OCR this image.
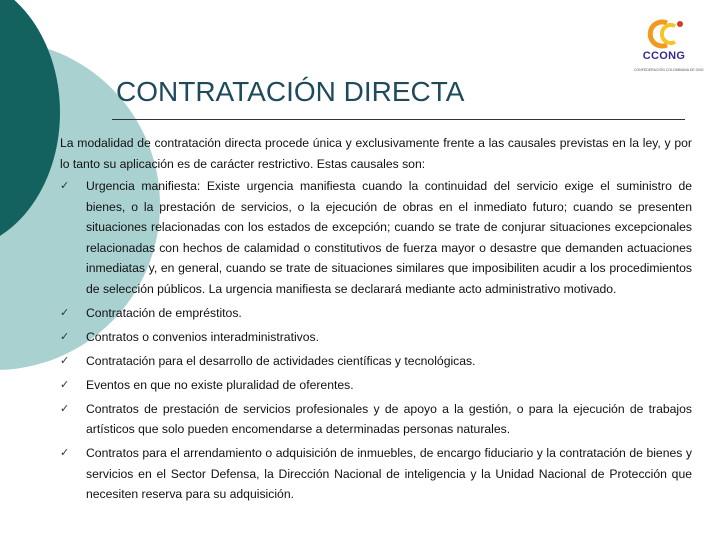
CCONG
CONFEDERACIÓN COLOMBIANA DE ONG
CONTRATACIÓN DIRECTA

La modalidad de contratación directa procede única y exclusivamente frente a las causales previstas en la ley, y por lo tanto su aplicación es de carácter restrictivo. Estas causales son:

✓ Urgencia manifiesta: Existe urgencia manifiesta cuando la continuidad del servicio exige el suministro de bienes, o la prestación de servicios, o la ejecución de obras en el inmediato futuro; cuando se presenten situaciones relacionadas con los estados de excepción; cuando se trate de conjurar situaciones excepcionales relacionadas con hechos de calamidad o constitutivos de fuerza mayor o desastre que demanden actuaciones inmediatas y, en general, cuando se trate de situaciones similares que imposibiliten acudir a los procedimientos de selección públicos. La urgencia manifiesta se declarará mediante acto administrativo motivado.
✓ Contratación de empréstitos.
✓ Contratos o convenios interadministrativos.
✓ Contratación para el desarrollo de actividades científicas y tecnológicas.
✓ Eventos en que no existe pluralidad de oferentes.
✓ Contratos de prestación de servicios profesionales y de apoyo a la gestión, o para la ejecución de trabajos artísticos que solo pueden encomendarse a determinadas personas naturales.
✓ Contratos para el arrendamiento o adquisición de inmuebles, de encargo fiduciario y la contratación de bienes y servicios en el Sector Defensa, la Dirección Nacional de inteligencia y la Unidad Nacional de Protección que necesiten reserva para su adquisición.
